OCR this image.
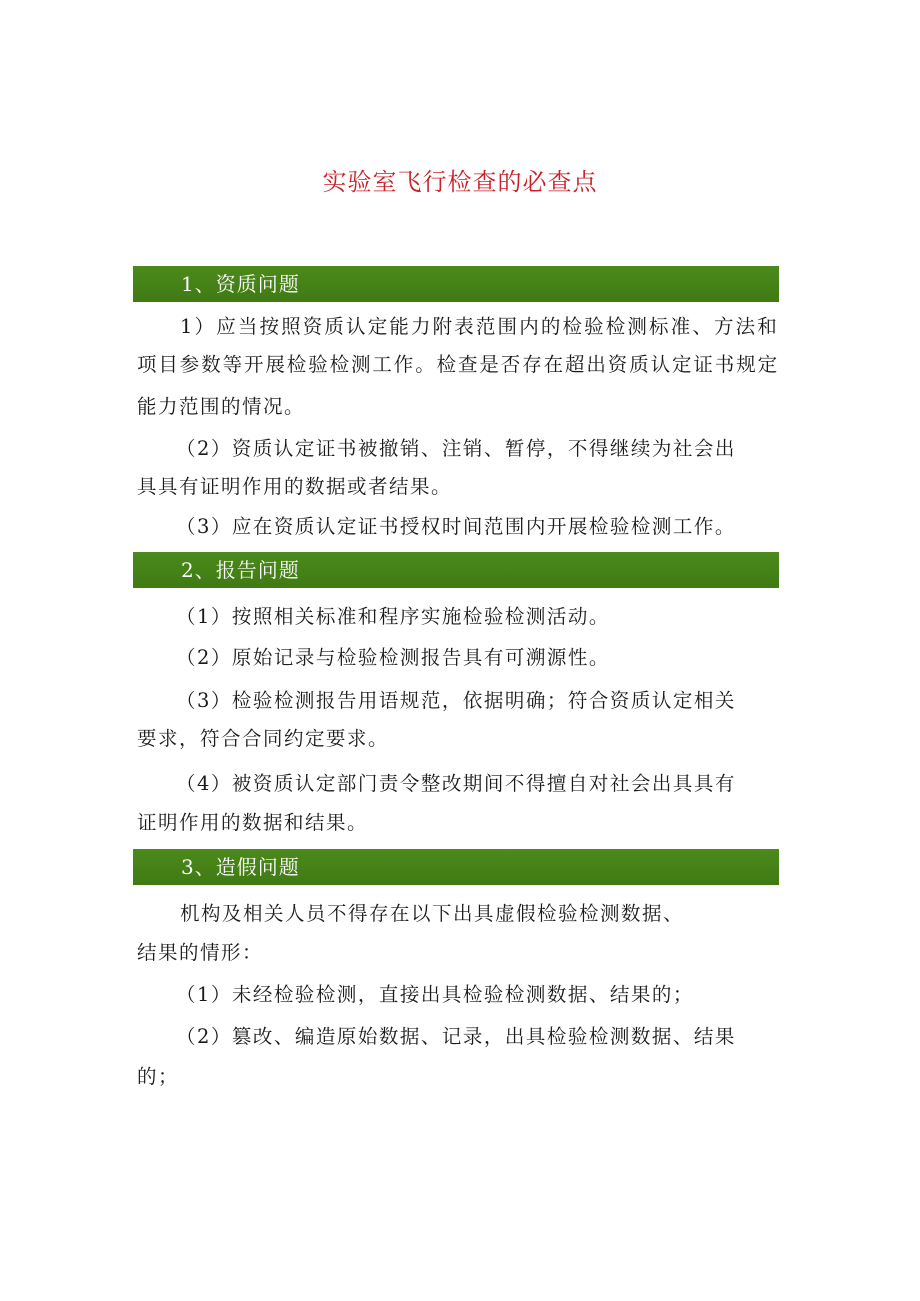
实验室飞行检查的必查点
1、资质问题

1）应当按照资质认定能力附表范围内的检验检测标准、方法和

项目参数等开展检验检测工作。检查是否存在超出资质认定证书规定

能力范围的情况。

（2）资质认定证书被撤销、注销、暂停，不得继续为社会出

具具有证明作用的数据或者结果。

（3）应在资质认定证书授权时间范围内开展检验检测工作。

2、报告问题

（1）按照相关标准和程序实施检验检测活动。

（2）原始记录与检验检测报告具有可溯源性。

（3）检验检测报告用语规范，依据明确；符合资质认定相关

要求，符合合同约定要求。

（4）被资质认定部门责令整改期间不得擅自对社会出具具有

证明作用的数据和结果。

3、造假问题

机构及相关人员不得存在以下出具虚假检验检测数据、

结果的情形：

（1）未经检验检测，直接出具检验检测数据、结果的；

（2）篡改、编造原始数据、记录，出具检验检测数据、结果

的；
